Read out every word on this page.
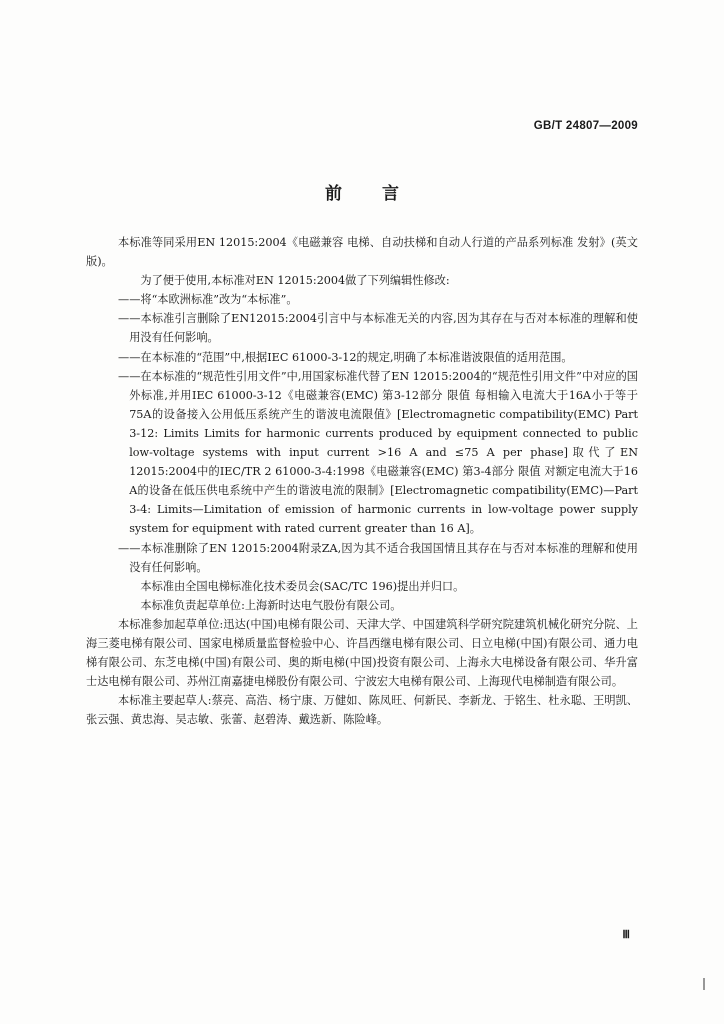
GB/T 24807—2009
前言

本标准等同采用EN 12015:2004《电磁兼容 电梯、自动扶梯和自动人行道的产品系列标准 发射》(英文版)。

为了便于使用,本标准对EN 12015:2004做了下列编辑性修改:

——将“本欧洲标准”改为“本标准”。

——本标准引言删除了EN12015:2004引言中与本标准无关的内容,因为其存在与否对本标准的理解和使用没有任何影响。

——在本标准的“范围”中,根据IEC 61000-3-12的规定,明确了本标准谐波限值的适用范围。

——在本标准的“规范性引用文件”中,用国家标准代替了EN 12015:2004的“规范性引用文件”中对应的国外标准,并用IEC 61000-3-12《电磁兼容(EMC) 第3-12部分 限值 每相输入电流大于16A小于等于75A的设备接入公用低压系统产生的谐波电流限值》[Electromagnetic compatibility(EMC) Part 3-12: Limits Limits for harmonic currents produced by equipment connected to public low-voltage systems with input current >16 A and ≤75 A per phase]取代了EN 12015:2004中的IEC/TR 2 61000-3-4:1998《电磁兼容(EMC) 第3-4部分 限值 对额定电流大于16 A的设备在低压供电系统中产生的谐波电流的限制》[Electromagnetic compatibility(EMC)—Part 3-4: Limits—Limitation of emission of harmonic currents in low-voltage power supply system for equipment with rated current greater than 16 A]。

——本标准删除了EN 12015:2004附录ZA,因为其不适合我国国情且其存在与否对本标准的理解和使用没有任何影响。

本标准由全国电梯标准化技术委员会(SAC/TC 196)提出并归口。

本标准负责起草单位:上海新时达电气股份有限公司。

本标准参加起草单位:迅达(中国)电梯有限公司、天津大学、中国建筑科学研究院建筑机械化研究分院、上海三菱电梯有限公司、国家电梯质量监督检验中心、许昌西继电梯有限公司、日立电梯(中国)有限公司、通力电梯有限公司、东芝电梯(中国)有限公司、奥的斯电梯(中国)投资有限公司、上海永大电梯设备有限公司、华升富士达电梯有限公司、苏州江南嘉捷电梯股份有限公司、宁波宏大电梯有限公司、上海现代电梯制造有限公司。

本标准主要起草人:蔡亮、高浩、杨宁康、万健如、陈凤旺、何新民、李新龙、于铭生、杜永聪、王明凯、张云强、黄忠海、吴志敏、张蕾、赵碧涛、戴选新、陈险峰。

Ⅲ
